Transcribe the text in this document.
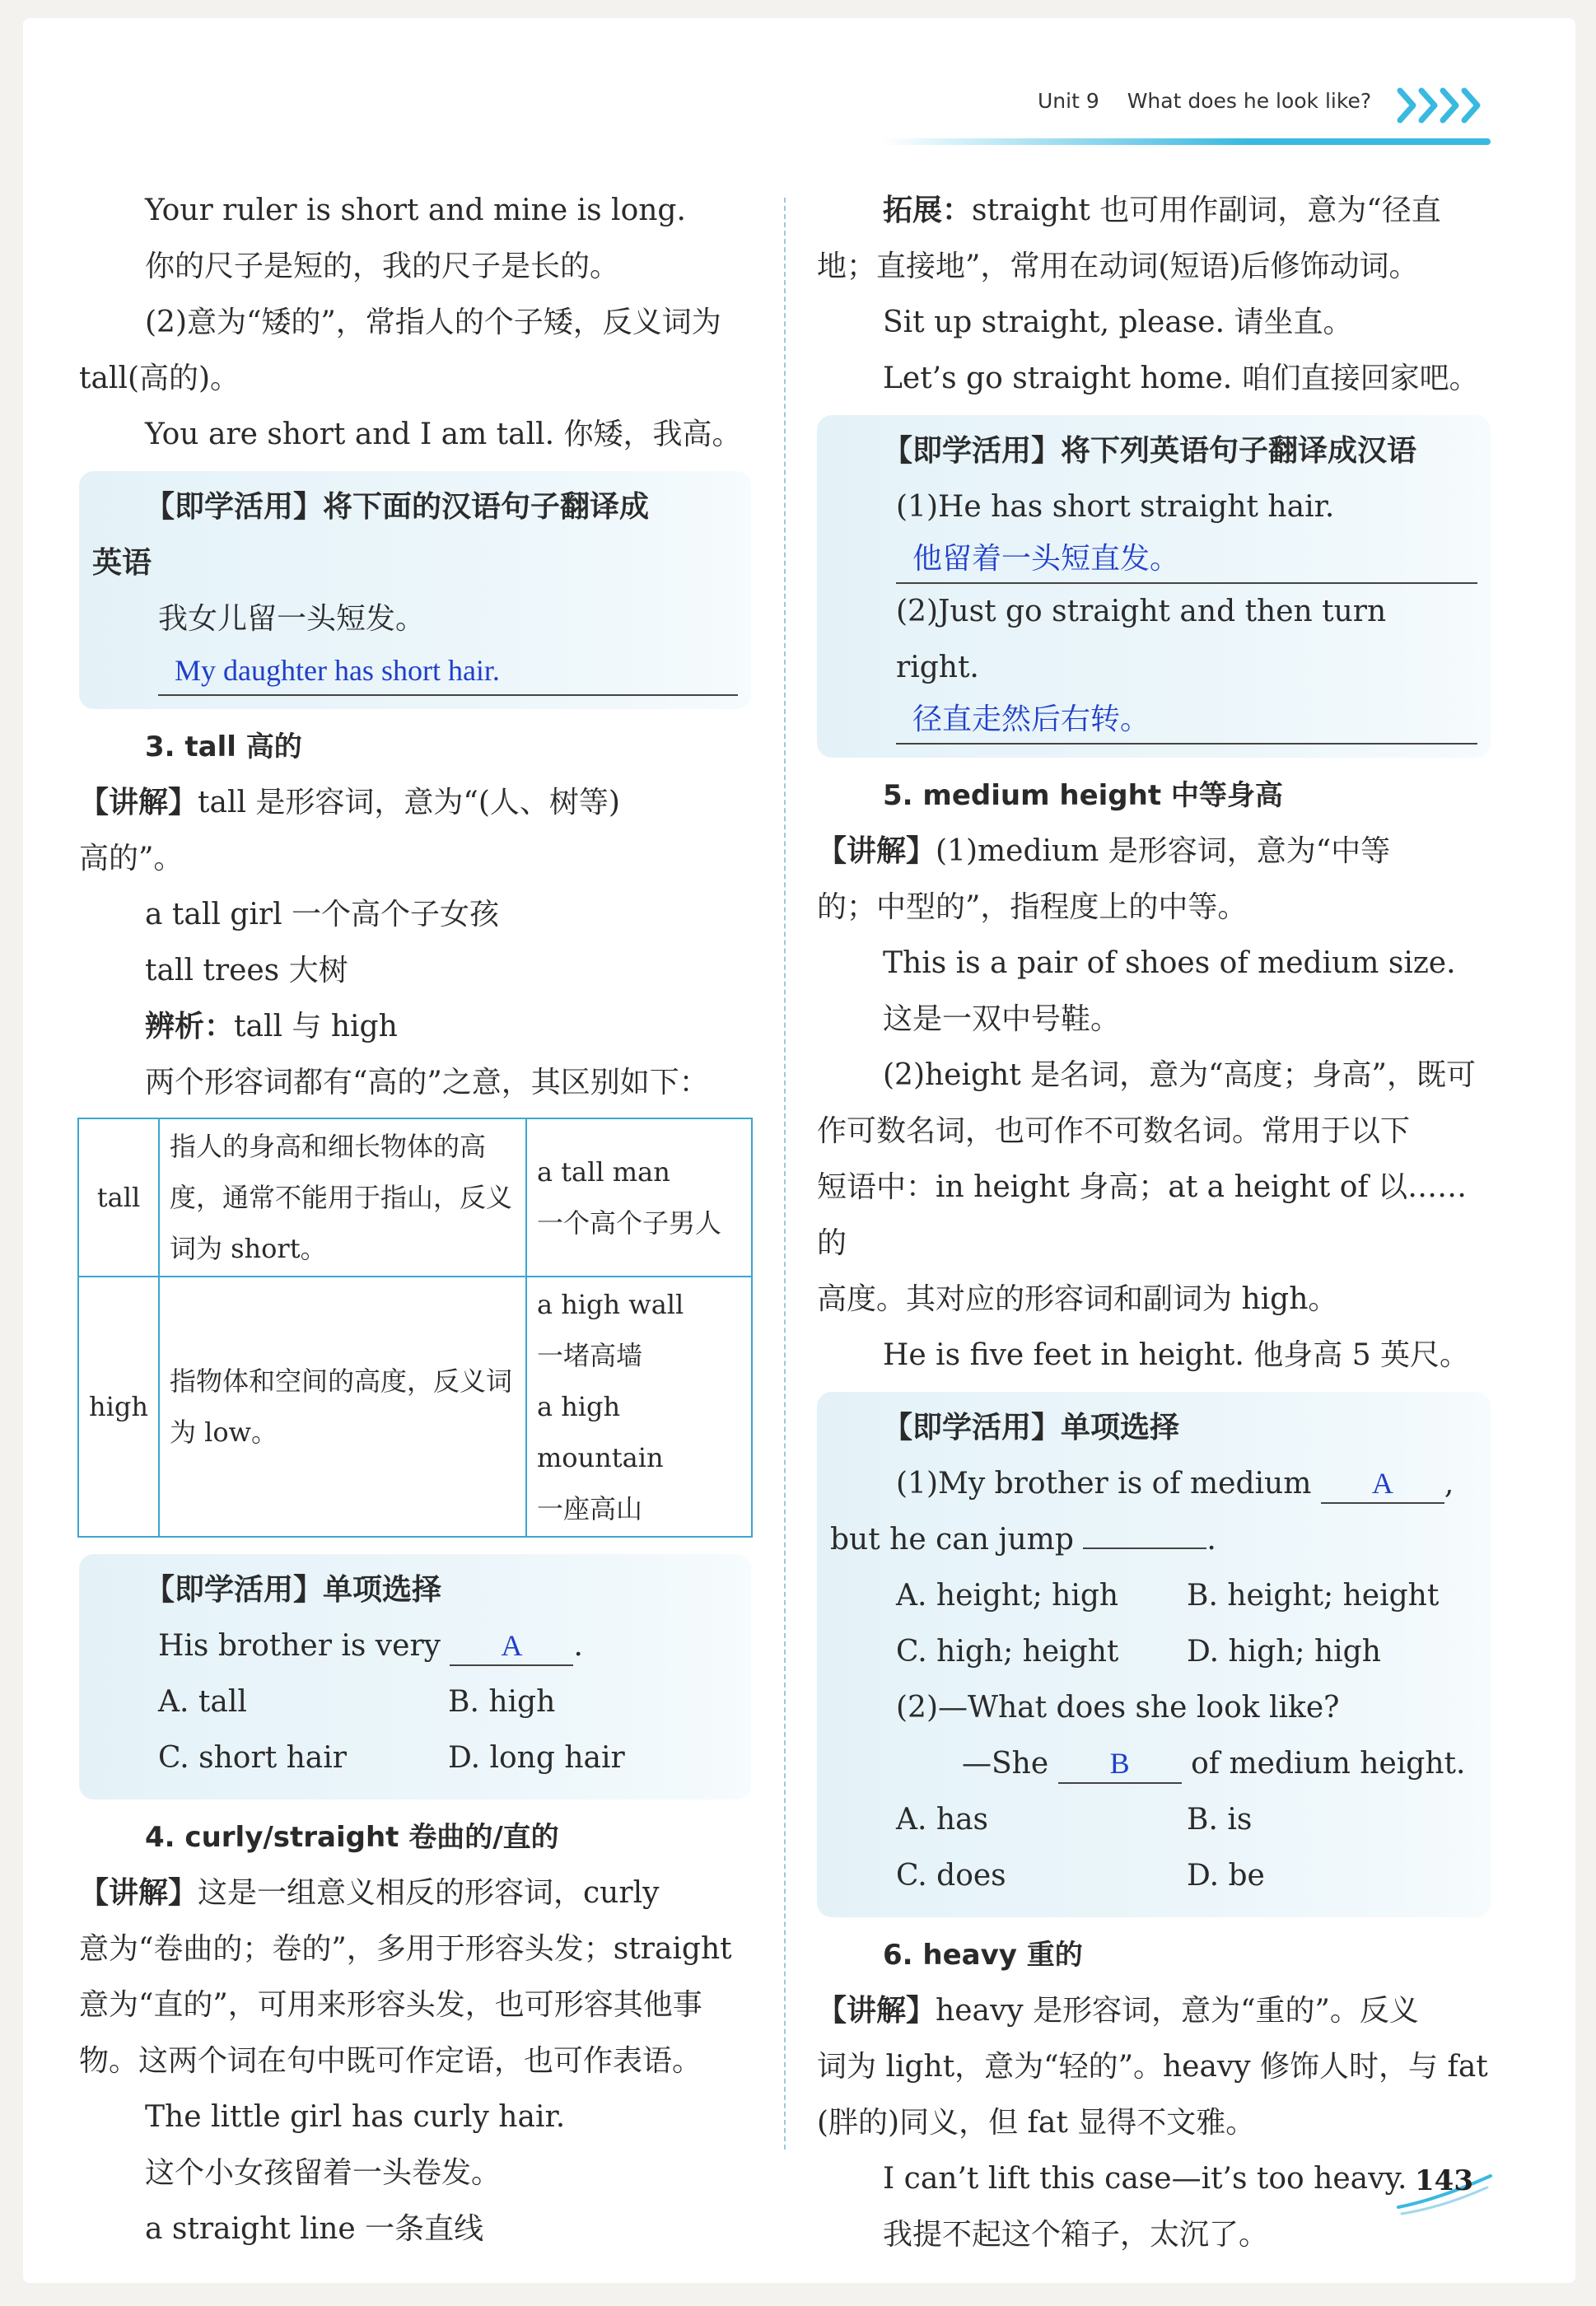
Unit 9 What does he look like?

Your ruler is short and mine is long.

你的尺子是短的，我的尺子是长的。

(2)意为“矮的”，常指人的个子矮，反义词为

tall(高的)。

You are short and I am tall. 你矮，我高。

【即学活用】将下面的汉语句子翻译成

英语

我女儿留一头短发。

My daughter has short hair.

3. tall 高的

【讲解】tall 是形容词，意为“(人、树等)

高的”。

a tall girl 一个高个子女孩

tall trees 大树

辨析：tall 与 high

两个形容词都有“高的”之意，其区别如下：

tall	指人的身高和细长物体的高度，通常不能用于指山，反义词为 short。	a tall man
一个高个子男人

high	指物体和空间的高度，反义词为 low。	a high wall
一堵高墙
a high mountain
一座高山

【即学活用】单项选择

His brother is very A .

A. tall	B. high
C. short hair	D. long hair

4. curly/straight 卷曲的/直的

【讲解】这是一组意义相反的形容词，curly

意为“卷曲的；卷的”，多用于形容头发；straight

意为“直的”，可用来形容头发，也可形容其他事

物。这两个词在句中既可作定语，也可作表语。

The little girl has curly hair.

这个小女孩留着一头卷发。

a straight line 一条直线

拓展：straight 也可用作副词，意为“径直

地；直接地”，常用在动词(短语)后修饰动词。

Sit up straight, please. 请坐直。

Let’s go straight home. 咱们直接回家吧。

【即学活用】将下列英语句子翻译成汉语

(1)He has short straight hair.

他留着一头短直发。

(2)Just go straight and then turn right.

径直走然后右转。

5. medium height 中等身高

【讲解】(1)medium 是形容词，意为“中等

的；中型的”，指程度上的中等。

This is a pair of shoes of medium size.

这是一双中号鞋。

(2)height 是名词，意为“高度；身高”，既可

作可数名词，也可作不可数名词。常用于以下

短语中：in height 身高；at a height of 以……的

高度。其对应的形容词和副词为 high。

He is five feet in height. 他身高 5 英尺。

【即学活用】单项选择

(1)My brother is of medium A ,

but he can jump	.

A. height; high	B. height; height
C. high; height	D. high; high

(2)—What does she look like?

—She B of medium height.

A. has	B. is
C. does	D. be

6. heavy 重的

【讲解】heavy 是形容词，意为“重的”。反义

词为 light，意为“轻的”。heavy 修饰人时，与 fat

(胖的)同义，但 fat 显得不文雅。

I can’t lift this case—it’s too heavy.

我提不起这个箱子，太沉了。

143
